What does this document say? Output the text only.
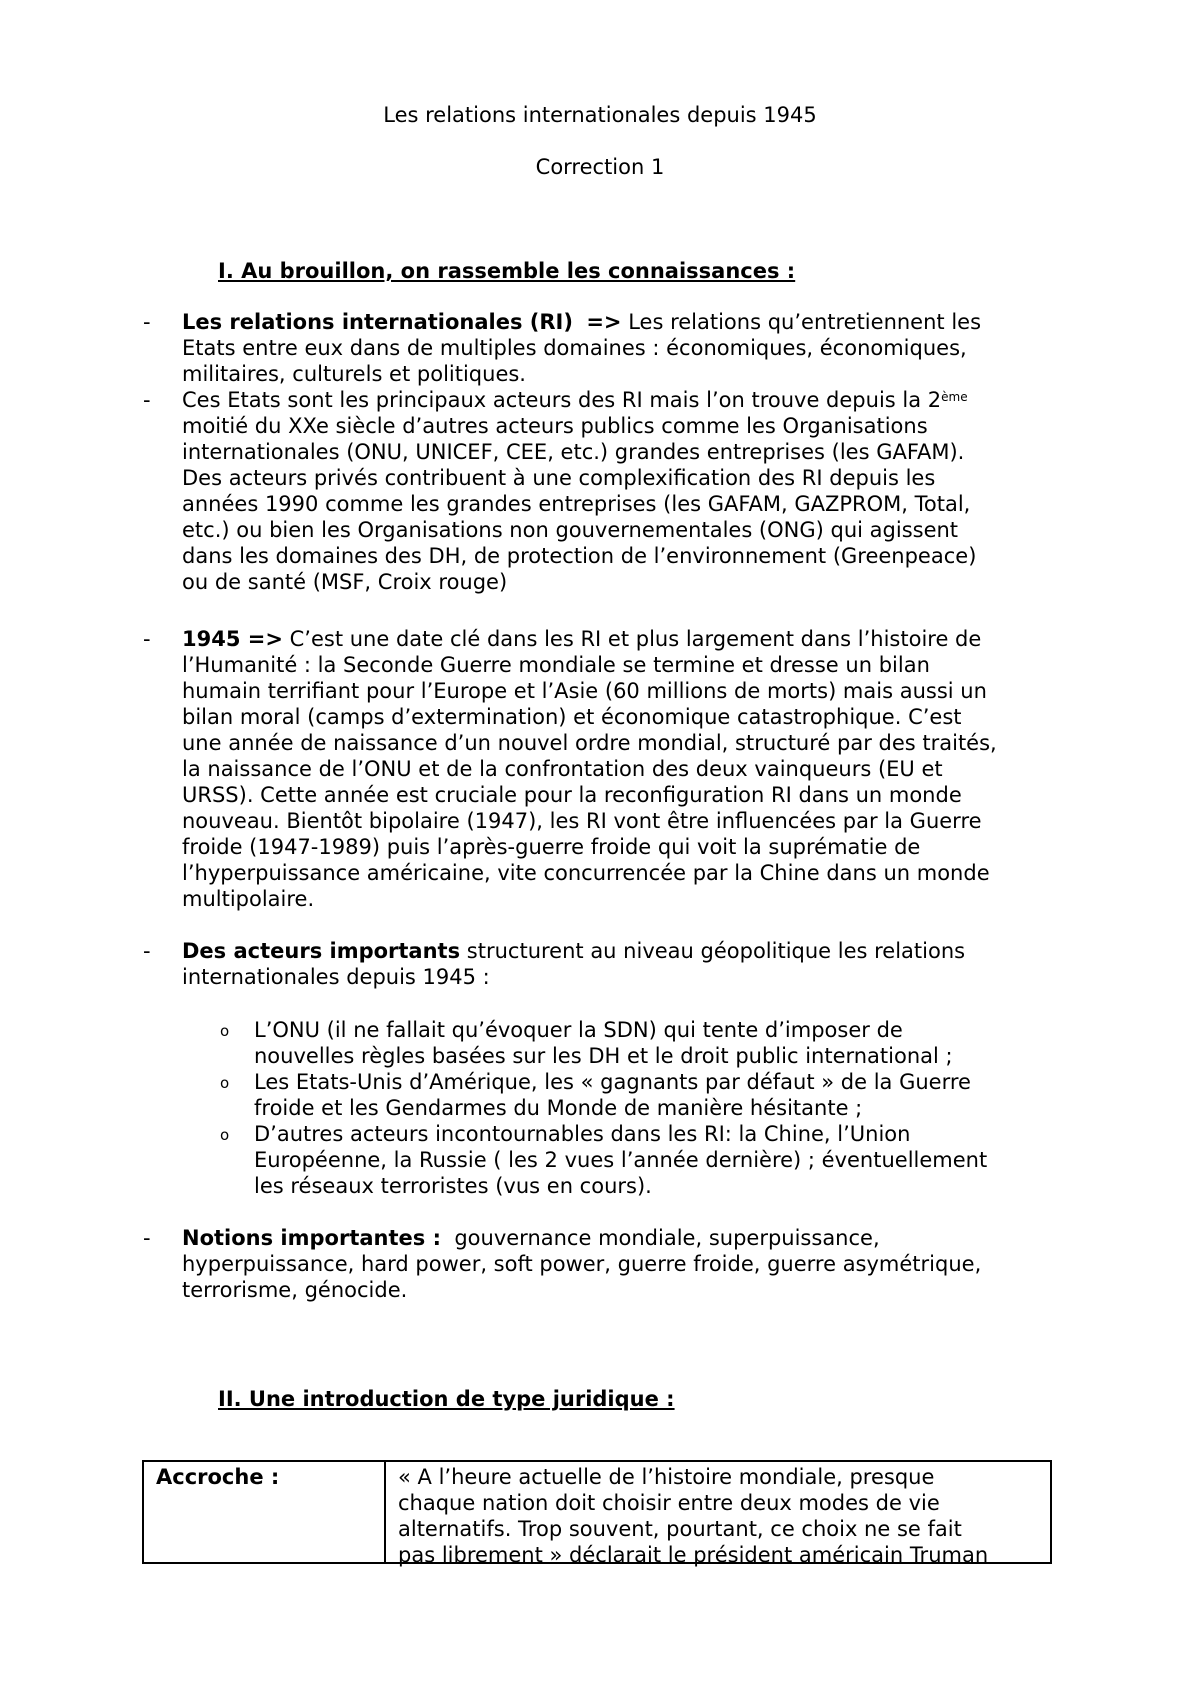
Les relations internationales depuis 1945
Correction 1
I. Au brouillon, on rassemble les connaissances :
- Les relations internationales (RI) => Les relations qu’entretiennent les
Etats entre eux dans de multiples domaines : économiques, économiques,
militaires, culturels et politiques.
- Ces Etats sont les principaux acteurs des RI mais l’on trouve depuis la 2ème
moitié du XXe siècle d’autres acteurs publics comme les Organisations
internationales (ONU, UNICEF, CEE, etc.) grandes entreprises (les GAFAM).
Des acteurs privés contribuent à une complexification des RI depuis les
années 1990 comme les grandes entreprises (les GAFAM, GAZPROM, Total,
etc.) ou bien les Organisations non gouvernementales (ONG) qui agissent
dans les domaines des DH, de protection de l’environnement (Greenpeace)
ou de santé (MSF, Croix rouge)
- 1945 => C’est une date clé dans les RI et plus largement dans l’histoire de
l’Humanité : la Seconde Guerre mondiale se termine et dresse un bilan
humain terrifiant pour l’Europe et l’Asie (60 millions de morts) mais aussi un
bilan moral (camps d’extermination) et économique catastrophique. C’est
une année de naissance d’un nouvel ordre mondial, structuré par des traités,
la naissance de l’ONU et de la confrontation des deux vainqueurs (EU et
URSS). Cette année est cruciale pour la reconfiguration RI dans un monde
nouveau. Bientôt bipolaire (1947), les RI vont être influencées par la Guerre
froide (1947-1989) puis l’après-guerre froide qui voit la suprématie de
l’hyperpuissance américaine, vite concurrencée par la Chine dans un monde
multipolaire.
- Des acteurs importants structurent au niveau géopolitique les relations
internationales depuis 1945 :
o L’ONU (il ne fallait qu’évoquer la SDN) qui tente d’imposer de
nouvelles règles basées sur les DH et le droit public international ;
o Les Etats-Unis d’Amérique, les « gagnants par défaut » de la Guerre
froide et les Gendarmes du Monde de manière hésitante ;
o D’autres acteurs incontournables dans les RI: la Chine, l’Union
Européenne, la Russie ( les 2 vues l’année dernière) ; éventuellement
les réseaux terroristes (vus en cours).
- Notions importantes : gouvernance mondiale, superpuissance,
hyperpuissance, hard power, soft power, guerre froide, guerre asymétrique,
terrorisme, génocide.
II. Une introduction de type juridique :
Accroche :	« A l’heure actuelle de l’histoire mondiale, presque
chaque nation doit choisir entre deux modes de vie
alternatifs. Trop souvent, pourtant, ce choix ne se fait
pas librement » déclarait le président américain Truman
